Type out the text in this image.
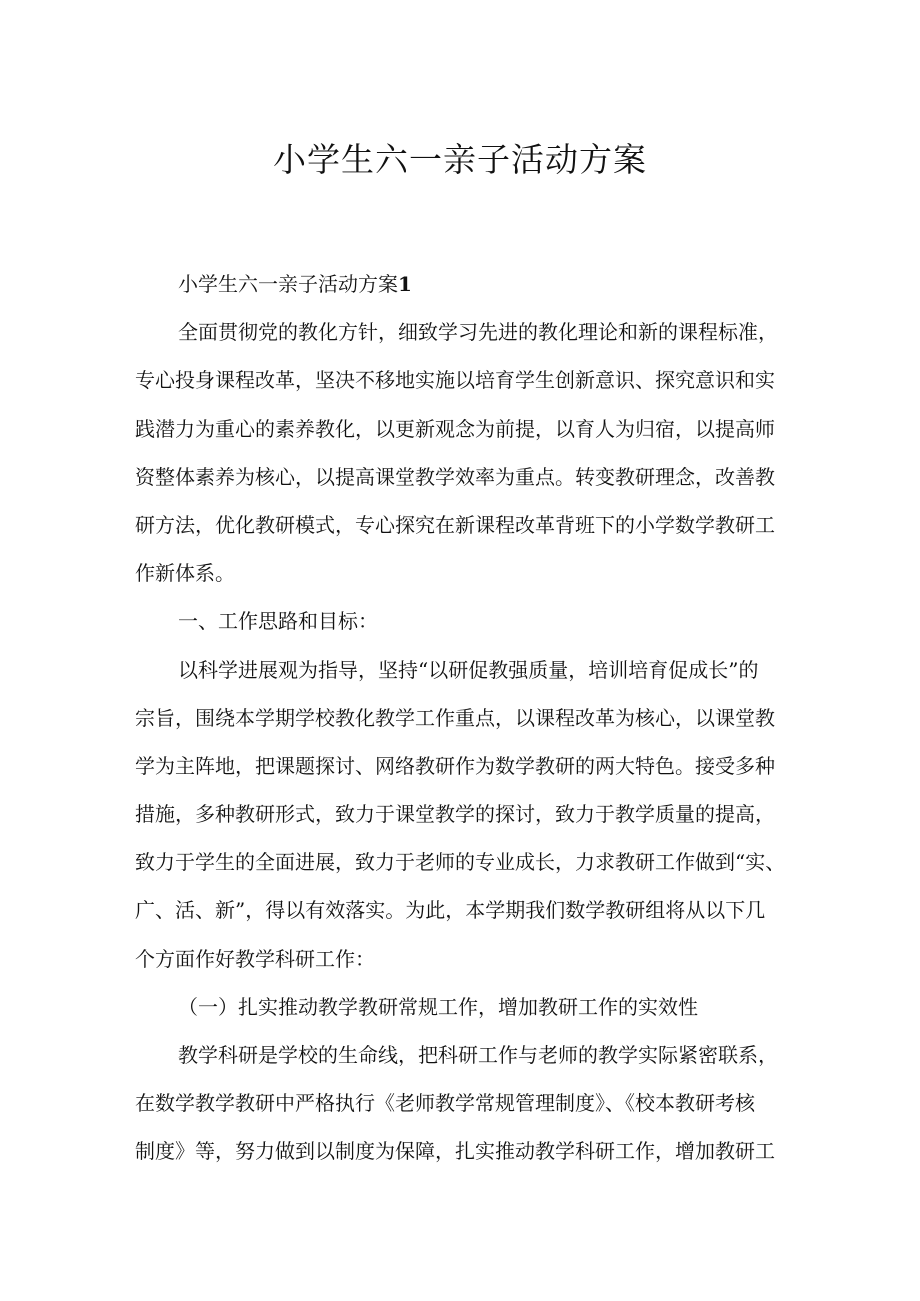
小学生六一亲子活动方案
小学生六一亲子活动方案1
全面贯彻党的教化方针，细致学习先进的教化理论和新的课程标准，
专心投身课程改革，坚决不移地实施以培育学生创新意识、探究意识和实
践潜力为重心的素养教化，以更新观念为前提，以育人为归宿，以提高师
资整体素养为核心，以提高课堂教学效率为重点。转变教研理念，改善教
研方法，优化教研模式，专心探究在新课程改革背班下的小学数学教研工
作新体系。
一、工作思路和目标：
以科学进展观为指导，坚持“以研促教强质量，培训培育促成长”的
宗旨，围绕本学期学校教化教学工作重点，以课程改革为核心，以课堂教
学为主阵地，把课题探讨、网络教研作为数学教研的两大特色。接受多种
措施，多种教研形式，致力于课堂教学的探讨，致力于教学质量的提高，
致力于学生的全面进展，致力于老师的专业成长，力求教研工作做到“实、
广、活、新”，得以有效落实。为此，本学期我们数学教研组将从以下几
个方面作好教学科研工作：
（一）扎实推动教学教研常规工作，增加教研工作的实效性
教学科研是学校的生命线，把科研工作与老师的教学实际紧密联系，
在数学教学教研中严格执行《老师教学常规管理制度》、《校本教研考核
制度》等，努力做到以制度为保障，扎实推动教学科研工作，增加教研工
